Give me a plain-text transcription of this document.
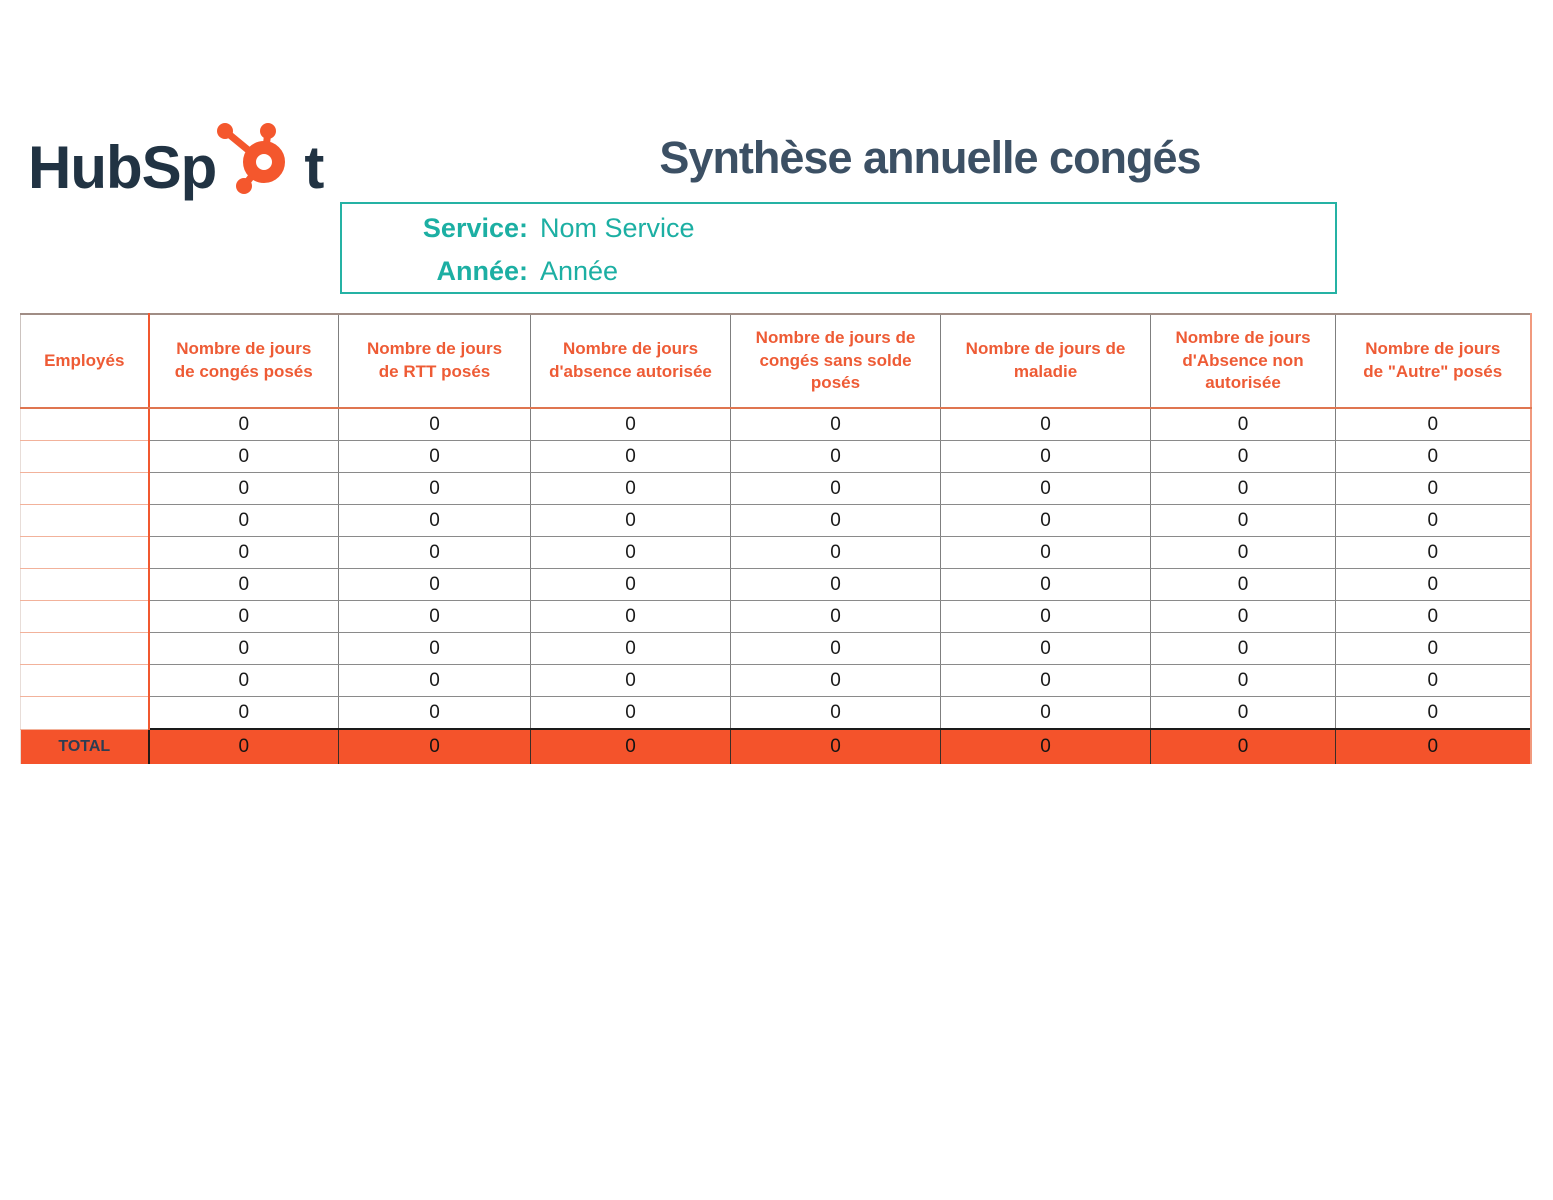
HubSp t	Synthèse annuelle congés
Service: Nom Service
Année: Année
Employés	Nombre de jours de congés posés	Nombre de jours de RTT posés	Nombre de jours d'absence autorisée	Nombre de jours de congés sans solde posés	Nombre de jours de maladie	Nombre de jours d'Absence non autorisée	Nombre de jours de "Autre" posés
	0	0	0	0	0	0	0
	0	0	0	0	0	0	0
	0	0	0	0	0	0	0
	0	0	0	0	0	0	0
	0	0	0	0	0	0	0
	0	0	0	0	0	0	0
	0	0	0	0	0	0	0
	0	0	0	0	0	0	0
	0	0	0	0	0	0	0
	0	0	0	0	0	0	0
TOTAL	0	0	0	0	0	0	0
